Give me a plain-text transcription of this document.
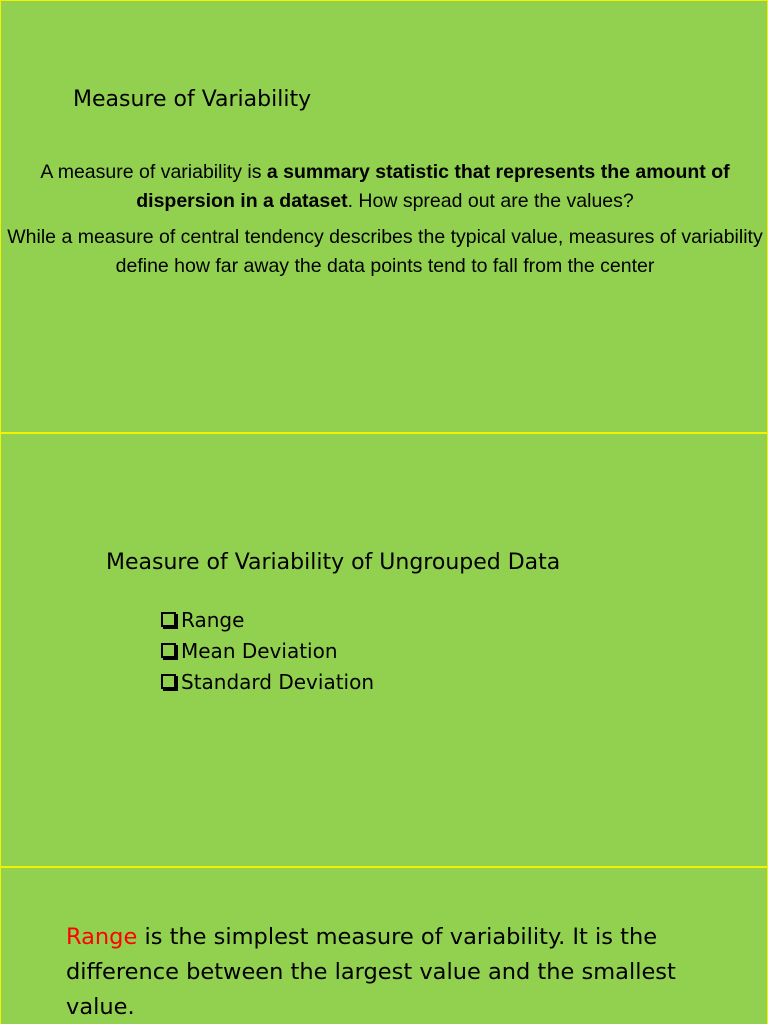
Measure of Variability

A measure of variability is a summary statistic that represents the amount of dispersion in a dataset. How spread out are the values?

While a measure of central tendency describes the typical value, measures of variability define how far away the data points tend to fall from the center

Measure of Variability of Ungrouped Data
Range
Mean Deviation
Standard Deviation

Range is the simplest measure of variability. It is the difference between the largest value and the smallest value.
